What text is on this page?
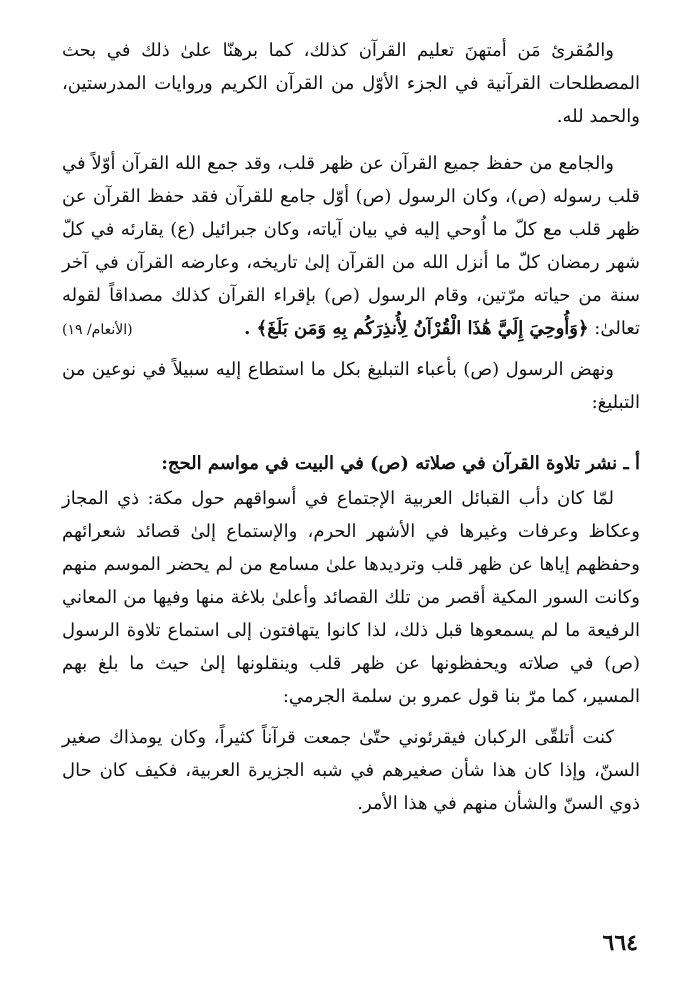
والمُقرئ مَن أمتهنَ تعليم القرآن كذلك، كما برهنّا علىٰ ذلك في بحث المصطلحات القرآنية في الجزء الأوّل من القرآن الكريم وروايات المدرستين، والحمد لله.

والجامع من حفظ جميع القرآن عن ظهر قلب، وقد جمع الله القرآن أوّلاً في قلب رسوله (ص)، وكان الرسول (ص) أوّل جامع للقرآن فقد حفظ القرآن عن ظهر قلب مع كلّ ما اُوحي إليه في بيان آياته، وكان جبرائيل (ع) يقارئه في كلّ شهر رمضان كلّ ما أنزل الله من القرآن إلىٰ تاريخه، وعارضه القرآن في آخر سنة من حياته مرّتين، وقام الرسول (ص) بإقراء القرآن كذلك مصداقاً لقوله تعالىٰ: ﴿وَأُوحِيَ إِلَيَّ هَٰذَا الْقُرْآنُ لِأُنذِرَكُم بِهِ وَمَن بَلَغَ﴾ .
(الأنعام/ ١٩)

ونهض الرسول (ص) بأعباء التبليغ بكل ما استطاع إليه سبيلاً في نوعين من التبليغ:

أ ـ نشر تلاوة القرآن في صلاته (ص) في البيت في مواسم الحج:

لمّا كان دأب القبائل العربية الإجتماع في أسواقهم حول مكة: ذي المجاز وعكاظ وعرفات وغيرها في الأشهر الحرم، والإستماع إلىٰ قصائد شعرائهم وحفظهم إياها عن ظهر قلب وترديدها علىٰ مسامع من لم يحضر الموسم منهم وكانت السور المكية أقصر من تلك القصائد وأعلىٰ بلاغة منها وفيها من المعاني الرفيعة ما لم يسمعوها قبل ذلك، لذا كانوا يتهافتون إلى استماع تلاوة الرسول (ص) في صلاته ويحفظونها عن ظهر قلب وينقلونها إلىٰ حيث ما بلغ بهم المسير، كما مرّ بنا قول عمرو بن سلمة الجرمي:

كنت أتلقّى الركبان فيقرئوني حتّىٰ جمعت قرآناً كثيراً، وكان يومذاك صغير السنّ، وإذا كان هذا شأن صغيرهم في شبه الجزيرة العربية، فكيف كان حال ذوي السنّ والشأن منهم في هذا الأمر.

٦٦٤
